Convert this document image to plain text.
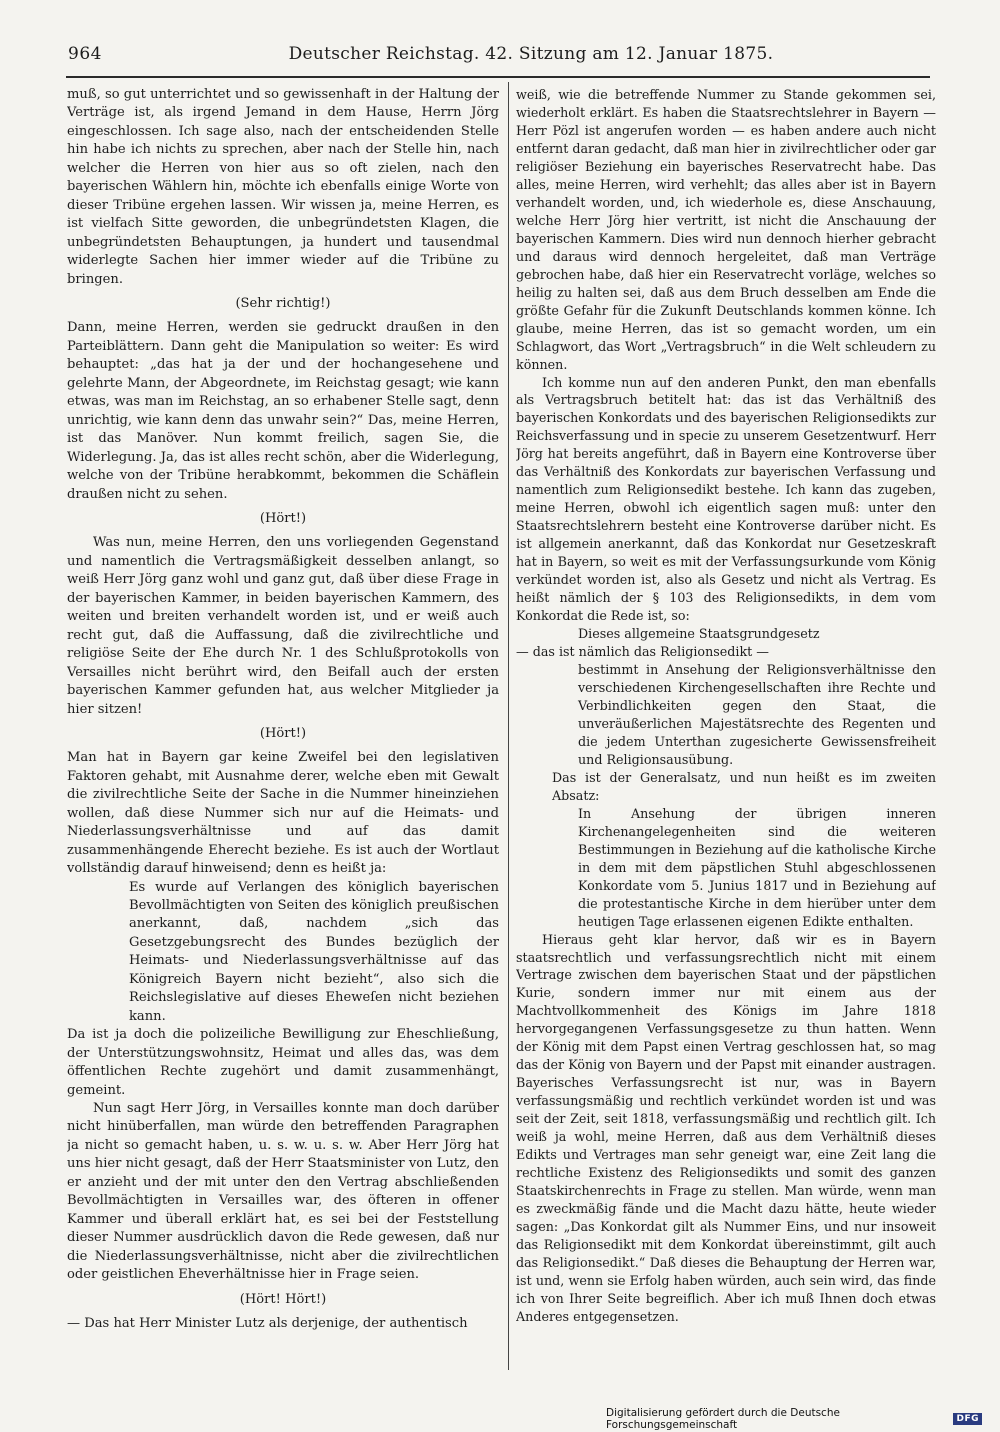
964	Deutscher Reichstag. 42. Sitzung am 12. Januar 1875.

muß, so gut unterrichtet und so gewissenhaft in der Haltung der Verträge ist, als irgend Jemand in dem Hause, Herrn Jörg eingeschlossen. Ich sage also, nach der entscheidenden Stelle hin habe ich nichts zu sprechen, aber nach der Stelle hin, nach welcher die Herren von hier aus so oft zielen, nach den bayerischen Wählern hin, möchte ich ebenfalls einige Worte von dieser Tribüne ergehen lassen. Wir wissen ja, meine Herren, es ist vielfach Sitte geworden, die unbegründetsten Klagen, die unbegründetsten Behauptungen, ja hundert und tausendmal widerlegte Sachen hier immer wieder auf die Tribüne zu bringen.

(Sehr richtig!)

Dann, meine Herren, werden sie gedruckt draußen in den Parteiblättern. Dann geht die Manipulation so weiter: Es wird behauptet: „das hat ja der und der hochangesehene und gelehrte Mann, der Abgeordnete, im Reichstag gesagt; wie kann etwas, was man im Reichstag, an so erhabener Stelle sagt, denn unrichtig, wie kann denn das unwahr sein?“ Das, meine Herren, ist das Manöver. Nun kommt freilich, sagen Sie, die Widerlegung. Ja, das ist alles recht schön, aber die Widerlegung, welche von der Tribüne herabkommt, bekommen die Schäflein draußen nicht zu sehen.

(Hört!)

Was nun, meine Herren, den uns vorliegenden Gegenstand und namentlich die Vertragsmäßigkeit desselben anlangt, so weiß Herr Jörg ganz wohl und ganz gut, daß über diese Frage in der bayerischen Kammer, in beiden bayerischen Kammern, des weiten und breiten verhandelt worden ist, und er weiß auch recht gut, daß die Auffassung, daß die zivilrechtliche und religiöse Seite der Ehe durch Nr. 1 des Schlußprotokolls von Versailles nicht berührt wird, den Beifall auch der ersten bayerischen Kammer gefunden hat, aus welcher Mitglieder ja hier sitzen!

(Hört!)

Man hat in Bayern gar keine Zweifel bei den legislativen Faktoren gehabt, mit Ausnahme derer, welche eben mit Gewalt die zivilrechtliche Seite der Sache in die Nummer hineinziehen wollen, daß diese Nummer sich nur auf die Heimats- und Niederlassungsverhältnisse und auf das damit zusammenhängende Eherecht beziehe. Es ist auch der Wortlaut vollständig darauf hinweisend; denn es heißt ja:

Es wurde auf Verlangen des königlich bayerischen Bevollmächtigten von Seiten des königlich preußischen anerkannt, daß, nachdem „sich das Gesetzgebungsrecht des Bundes bezüglich der Heimats- und Niederlassungsverhältnisse auf das Königreich Bayern nicht bezieht“, also sich die Reichslegislative auf dieses Eheweſen nicht beziehen kann.

Da ist ja doch die polizeiliche Bewilligung zur Eheschließung, der Unterstützungswohnsitz, Heimat und alles das, was dem öffentlichen Rechte zugehört und damit zusammenhängt, gemeint.

Nun sagt Herr Jörg, in Versailles konnte man doch darüber nicht hinüberfallen, man würde den betreffenden Paragraphen ja nicht so gemacht haben, u. s. w. u. s. w. Aber Herr Jörg hat uns hier nicht gesagt, daß der Herr Staatsminister von Lutz, den er anzieht und der mit unter den den Vertrag abschließenden Bevollmächtigten in Versailles war, des öfteren in offener Kammer und überall erklärt hat, es sei bei der Feststellung dieser Nummer ausdrücklich davon die Rede gewesen, daß nur die Niederlassungsverhältnisse, nicht aber die zivilrechtlichen oder geistlichen Eheverhältnisse hier in Frage seien.

(Hört! Hört!)

— Das hat Herr Minister Lutz als derjenige, der authentisch

weiß, wie die betreffende Nummer zu Stande gekommen sei, wiederholt erklärt. Es haben die Staatsrechtslehrer in Bayern — Herr Pözl ist angerufen worden — es haben andere auch nicht entfernt daran gedacht, daß man hier in zivilrechtlicher oder gar religiöser Beziehung ein bayerisches Reservatrecht habe. Das alles, meine Herren, wird verhehlt; das alles aber ist in Bayern verhandelt worden, und, ich wiederhole es, diese Anschauung, welche Herr Jörg hier vertritt, ist nicht die Anschauung der bayerischen Kammern. Dies wird nun dennoch hierher gebracht und daraus wird dennoch hergeleitet, daß man Verträge gebrochen habe, daß hier ein Reservatrecht vorläge, welches so heilig zu halten sei, daß aus dem Bruch desselben am Ende die größte Gefahr für die Zukunft Deutschlands kommen könne. Ich glaube, meine Herren, das ist so gemacht worden, um ein Schlagwort, das Wort „Vertragsbruch“ in die Welt schleudern zu können.

Ich komme nun auf den anderen Punkt, den man ebenfalls als Vertragsbruch betitelt hat: das ist das Verhältniß des bayerischen Konkordats und des bayerischen Religionsedikts zur Reichsverfassung und in specie zu unserem Gesetzentwurf. Herr Jörg hat bereits angeführt, daß in Bayern eine Kontroverse über das Verhältniß des Konkordats zur bayerischen Verfassung und namentlich zum Religionsedikt bestehe. Ich kann das zugeben, meine Herren, obwohl ich eigentlich sagen muß: unter den Staatsrechtslehrern besteht eine Kontroverse darüber nicht. Es ist allgemein anerkannt, daß das Konkordat nur Gesetzeskraft hat in Bayern, so weit es mit der Verfassungsurkunde vom König verkündet worden ist, also als Gesetz und nicht als Vertrag. Es heißt nämlich der § 103 des Religionsedikts, in dem vom Konkordat die Rede ist, so:

Dieses allgemeine Staatsgrundgesetz

— das ist nämlich das Religionsedikt —

bestimmt in Ansehung der Religionsverhältnisse den verschiedenen Kirchengesellschaften ihre Rechte und Verbindlichkeiten gegen den Staat, die unveräußerlichen Majestätsrechte des Regenten und die jedem Unterthan zugesicherte Gewissensfreiheit und Religionsausübung.

Das ist der Generalsatz, und nun heißt es im zweiten Absatz:

In Ansehung der übrigen inneren Kirchenangelegenheiten sind die weiteren Bestimmungen in Beziehung auf die katholische Kirche in dem mit dem päpstlichen Stuhl abgeschlossenen Konkordate vom 5. Junius 1817 und in Beziehung auf die protestantische Kirche in dem hierüber unter dem heutigen Tage erlassenen eigenen Edikte enthalten.

Hieraus geht klar hervor, daß wir es in Bayern staatsrechtlich und verfassungsrechtlich nicht mit einem Vertrage zwischen dem bayerischen Staat und der päpstlichen Kurie, sondern immer nur mit einem aus der Machtvollkommenheit des Königs im Jahre 1818 hervorgegangenen Verfassungsgesetze zu thun hatten. Wenn der König mit dem Papst einen Vertrag geschlossen hat, so mag das der König von Bayern und der Papst mit einander austragen. Bayerisches Verfassungsrecht ist nur, was in Bayern verfassungsmäßig und rechtlich verkündet worden ist und was seit der Zeit, seit 1818, verfassungsmäßig und rechtlich gilt. Ich weiß ja wohl, meine Herren, daß aus dem Verhältniß dieses Edikts und Vertrages man sehr geneigt war, eine Zeit lang die rechtliche Existenz des Religionsedikts und somit des ganzen Staatskirchenrechts in Frage zu stellen. Man würde, wenn man es zweckmäßig fände und die Macht dazu hätte, heute wieder sagen: „Das Konkordat gilt als Nummer Eins, und nur insoweit das Religionsedikt mit dem Konkordat übereinstimmt, gilt auch das Religionsedikt.“ Daß dieses die Behauptung der Herren war, ist und, wenn sie Erfolg haben würden, auch sein wird, das finde ich von Ihrer Seite begreiflich. Aber ich muß Ihnen doch etwas Anderes entgegensetzen.

Digitalisierung gefördert durch die Deutsche Forschungsgemeinschaft	DFG
